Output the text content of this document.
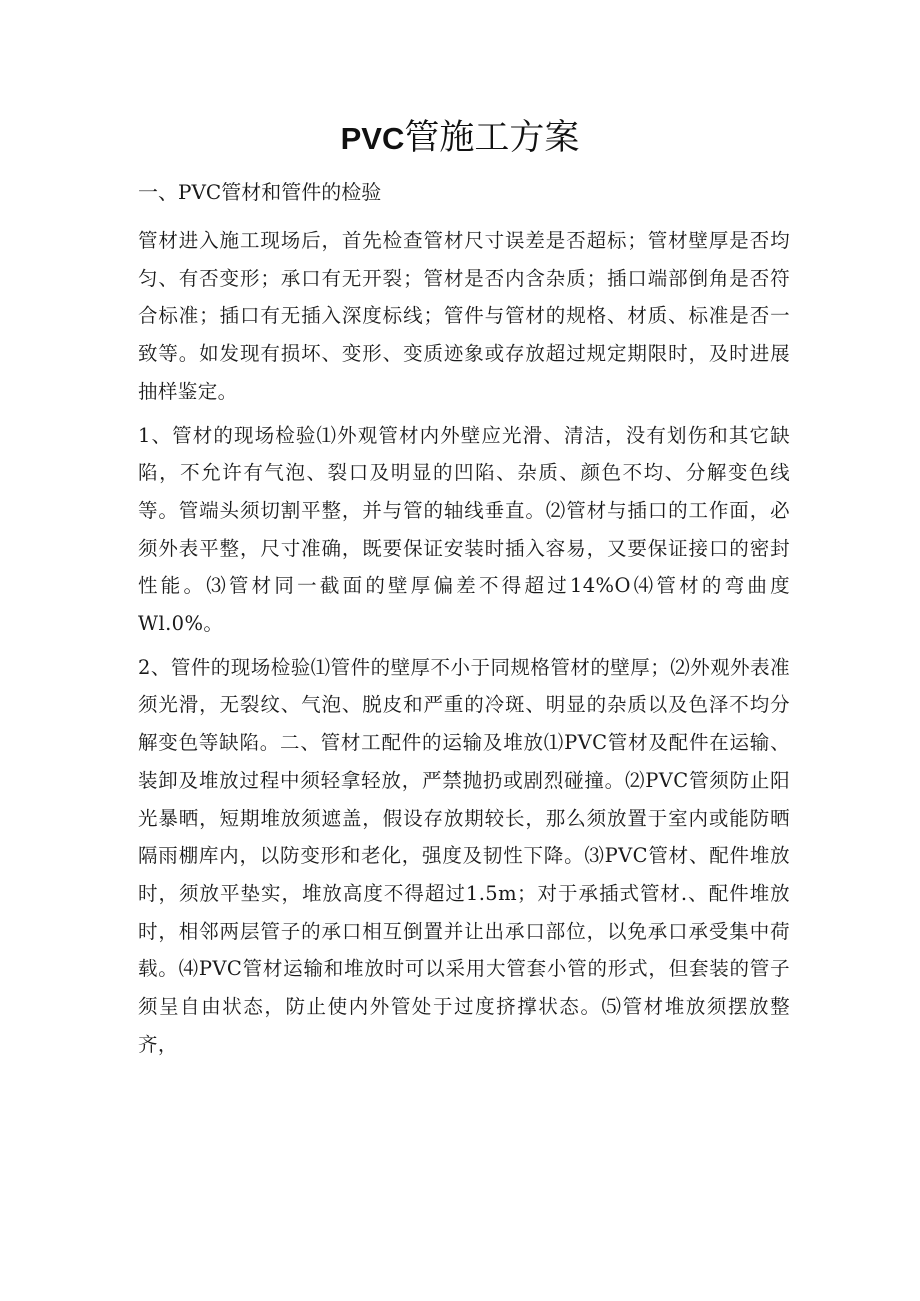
PVC管施工方案
一、PVC管材和管件的检验

管材进入施工现场后，首先检查管材尺寸误差是否超标；管材壁厚是否均匀、有否变形；承口有无开裂；管材是否内含杂质；插口端部倒角是否符合标准；插口有无插入深度标线；管件与管材的规格、材质、标准是否一致等。如发现有损坏、变形、变质迹象或存放超过规定期限时，及时进展抽样鉴定。

1、管材的现场检验⑴外观管材内外壁应光滑、清洁，没有划伤和其它缺陷，不允许有气泡、裂口及明显的凹陷、杂质、颜色不均、分解变色线等。管端头须切割平整，并与管的轴线垂直。⑵管材与插口的工作面，必须外表平整，尺寸准确，既要保证安装时插入容易，又要保证接口的密封性能。⑶管材同一截面的壁厚偏差不得超过14%O⑷管材的弯曲度Wl.0%。

2、管件的现场检验⑴管件的壁厚不小于同规格管材的壁厚；⑵外观外表准须光滑，无裂纹、气泡、脱皮和严重的冷斑、明显的杂质以及色泽不均分解变色等缺陷。二、管材工配件的运输及堆放⑴PVC管材及配件在运输、装卸及堆放过程中须轻拿轻放，严禁抛扔或剧烈碰撞。⑵PVC管须防止阳光暴晒，短期堆放须遮盖，假设存放期较长，那么须放置于室内或能防晒隔雨棚库内，以防变形和老化，强度及韧性下降。⑶PVC管材、配件堆放时，须放平垫实，堆放高度不得超过1.5m；对于承插式管材.、配件堆放时，相邻两层管子的承口相互倒置并让出承口部位，以免承口承受集中荷载。⑷PVC管材运输和堆放时可以采用大管套小管的形式，但套装的管子须呈自由状态，防止使内外管处于过度挤撑状态。⑸管材堆放须摆放整齐，
